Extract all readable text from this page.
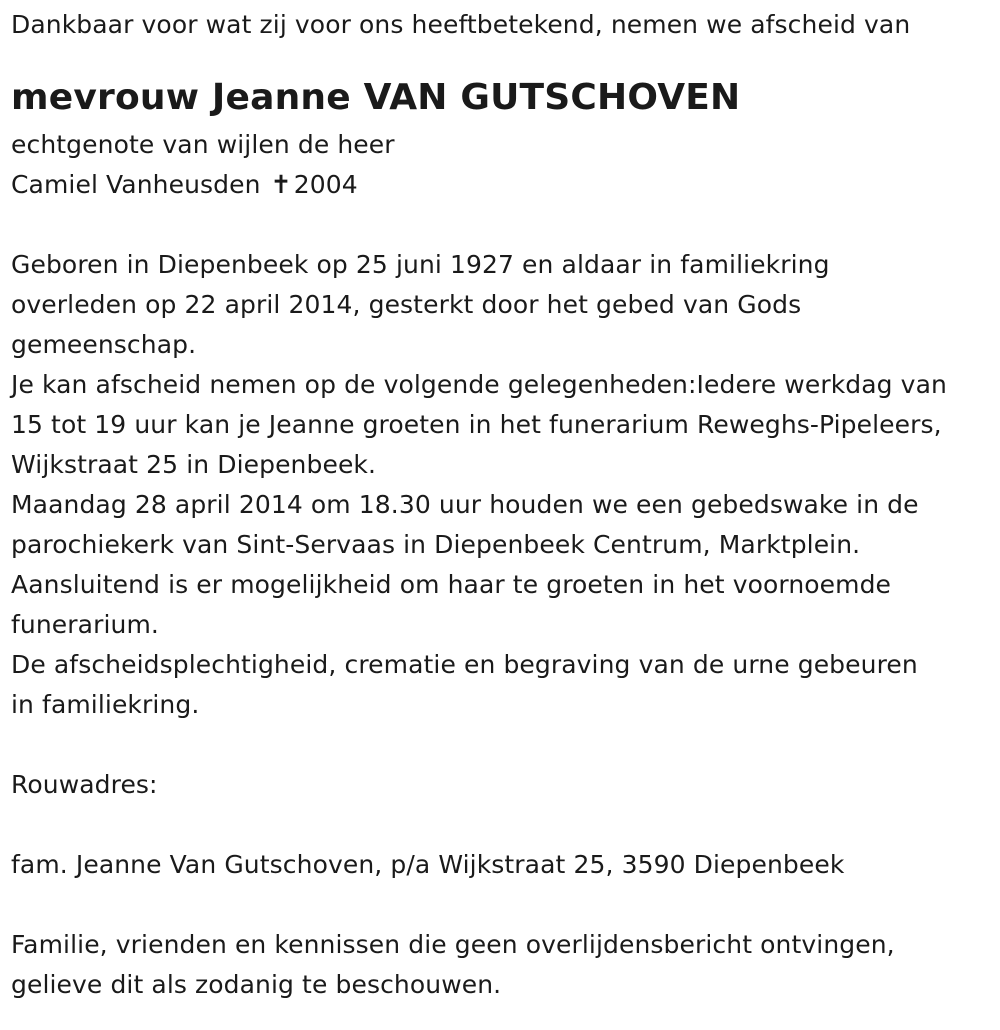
Dankbaar voor wat zij voor ons heeftbetekend, nemen we afscheid van
mevrouw Jeanne VAN GUTSCHOVEN
echtgenote van wijlen de heer
Camiel Vanheusden ✝2004
Geboren in Diepenbeek op 25 juni 1927 en aldaar in familiekring
overleden op 22 april 2014, gesterkt door het gebed van Gods
gemeenschap.
Je kan afscheid nemen op de volgende gelegenheden:Iedere werkdag van
15 tot 19 uur kan je Jeanne groeten in het funerarium Reweghs-Pipeleers,
Wijkstraat 25 in Diepenbeek.
Maandag 28 april 2014 om 18.30 uur houden we een gebedswake in de
parochiekerk van Sint-Servaas in Diepenbeek Centrum, Marktplein.
Aansluitend is er mogelijkheid om haar te groeten in het voornoemde
funerarium.
De afscheidsplechtigheid, crematie en begraving van de urne gebeuren
in familiekring.
Rouwadres:
fam. Jeanne Van Gutschoven, p/a Wijkstraat 25, 3590 Diepenbeek
Familie, vrienden en kennissen die geen overlijdensbericht ontvingen,
gelieve dit als zodanig te beschouwen.
